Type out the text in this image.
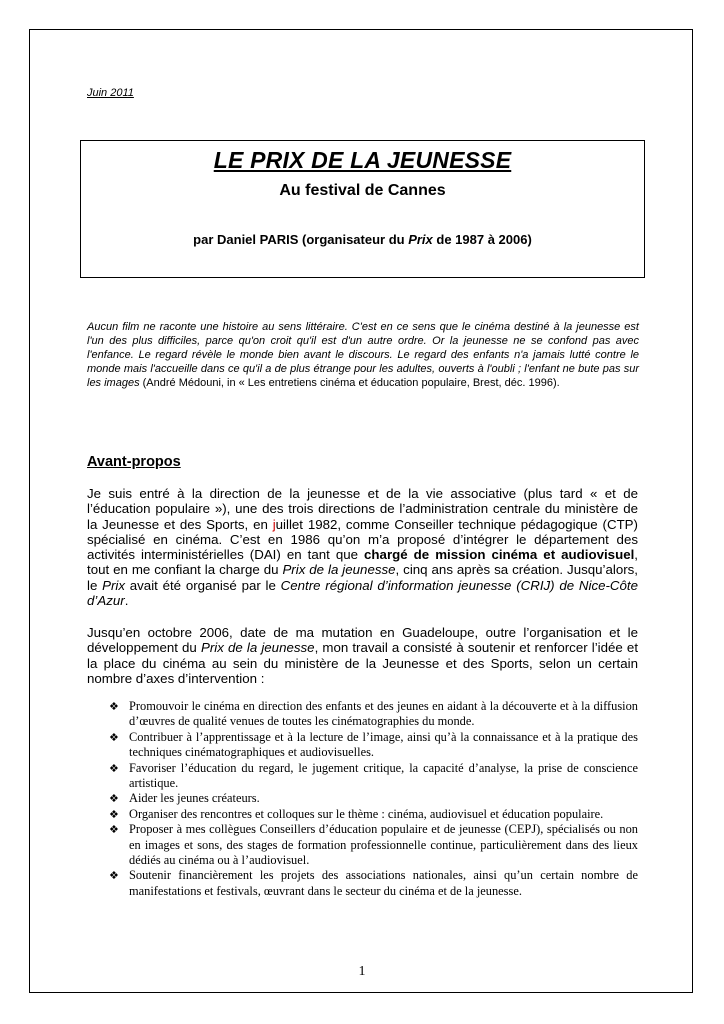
Juin 2011
LE PRIX DE LA JEUNESSE
Au festival de Cannes
par Daniel PARIS (organisateur du Prix de 1987 à 2006)
Aucun film ne raconte une histoire au sens littéraire. C'est en ce sens que le cinéma destiné à la jeunesse est l'un des plus difficiles, parce qu'on croit qu'il est d'un autre ordre. Or la jeunesse ne se confond pas avec l'enfance. Le regard révèle le monde bien avant le discours. Le regard des enfants n'a jamais lutté contre le monde mais l'accueille dans ce qu'il a de plus étrange pour les adultes, ouverts à l'oubli ; l'enfant ne bute pas sur les images (André Médouni, in « Les entretiens cinéma et éducation populaire, Brest, déc. 1996).
Avant-propos
Je suis entré à la direction de la jeunesse et de la vie associative (plus tard « et de l’éducation populaire »), une des trois directions de l’administration centrale du ministère de la Jeunesse et des Sports, en juillet 1982, comme Conseiller technique pédagogique (CTP) spécialisé en cinéma. C’est en 1986 qu’on m’a proposé d’intégrer le département des activités interministérielles (DAI) en tant que chargé de mission cinéma et audiovisuel, tout en me confiant la charge du Prix de la jeunesse, cinq ans après sa création. Jusqu’alors, le Prix avait été organisé par le Centre régional d’information jeunesse (CRIJ) de Nice-Côte d’Azur.
Jusqu’en octobre 2006, date de ma mutation en Guadeloupe, outre l’organisation et le développement du Prix de la jeunesse, mon travail a consisté à soutenir et renforcer l’idée et la place du cinéma au sein du ministère de la Jeunesse et des Sports, selon un certain nombre d’axes d’intervention :
❖ Promouvoir le cinéma en direction des enfants et des jeunes en aidant à la découverte et à la diffusion d’œuvres de qualité venues de toutes les cinématographies du monde.
❖ Contribuer à l’apprentissage et à la lecture de l’image, ainsi qu’à la connaissance et à la pratique des techniques cinématographiques et audiovisuelles.
❖ Favoriser l’éducation du regard, le jugement critique, la capacité d’analyse, la prise de conscience artistique.
❖ Aider les jeunes créateurs.
❖ Organiser des rencontres et colloques sur le thème : cinéma, audiovisuel et éducation populaire.
❖ Proposer à mes collègues Conseillers d’éducation populaire et de jeunesse (CEPJ), spécialisés ou non en images et sons, des stages de formation professionnelle continue, particulièrement dans des lieux dédiés au cinéma ou à l’audiovisuel.
❖ Soutenir financièrement les projets des associations nationales, ainsi qu’un certain nombre de manifestations et festivals, œuvrant dans le secteur du cinéma et de la jeunesse.
1
